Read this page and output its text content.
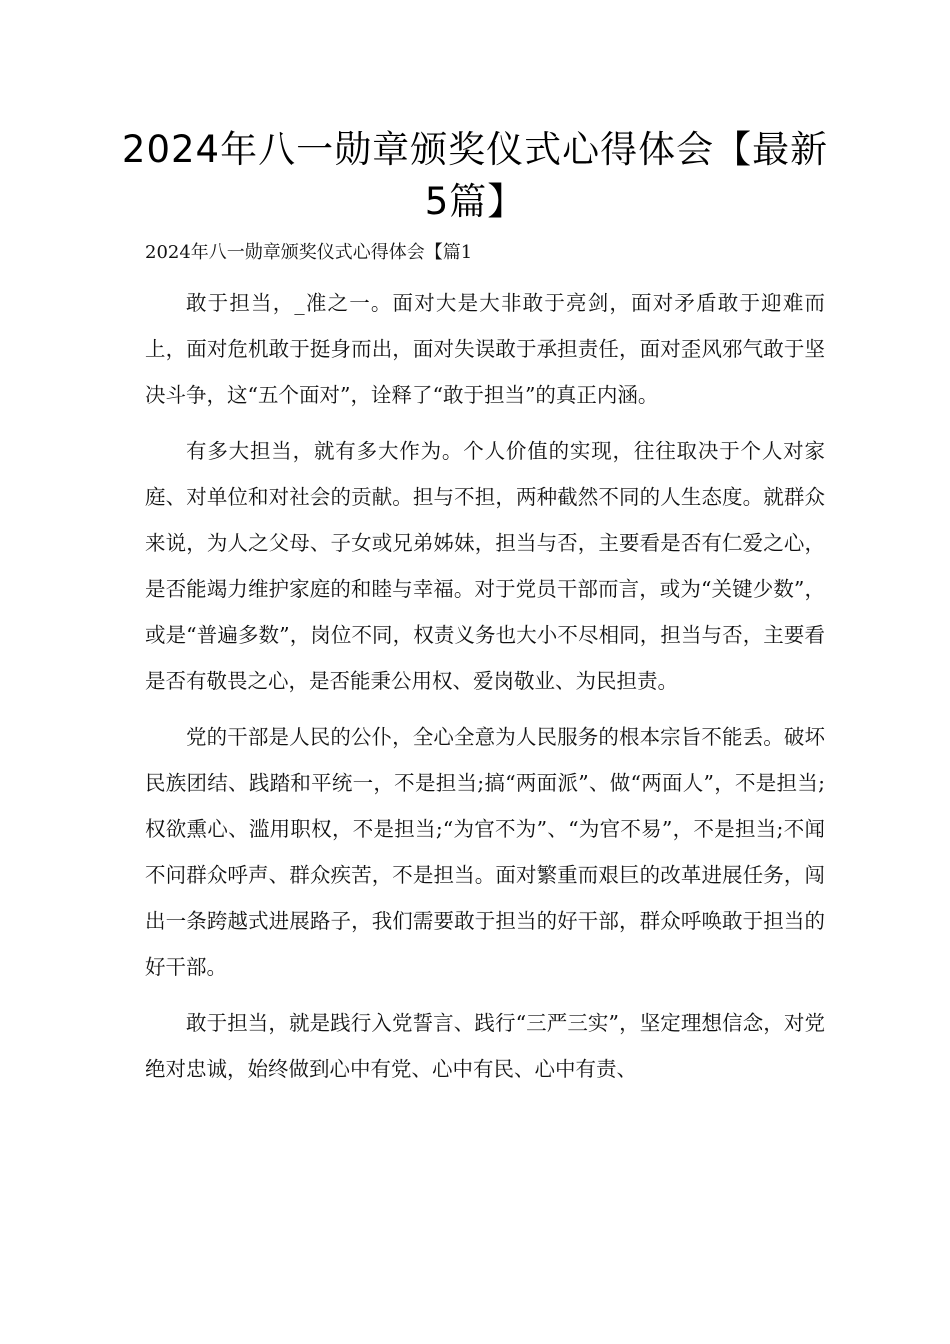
2024年八一勋章颁奖仪式心得体会【最新5篇】

2024年八一勋章颁奖仪式心得体会【篇1

敢于担当，_准之一。面对大是大非敢于亮剑，面对矛盾敢于迎难而上，面对危机敢于挺身而出，面对失误敢于承担责任，面对歪风邪气敢于坚决斗争，这“五个面对”，诠释了“敢于担当”的真正内涵。

有多大担当，就有多大作为。个人价值的实现，往往取决于个人对家庭、对单位和对社会的贡献。担与不担，两种截然不同的人生态度。就群众来说，为人之父母、子女或兄弟姊妹，担当与否，主要看是否有仁爱之心，是否能竭力维护家庭的和睦与幸福。对于党员干部而言，或为“关键少数”，或是“普遍多数”，岗位不同，权责义务也大小不尽相同，担当与否，主要看是否有敬畏之心，是否能秉公用权、爱岗敬业、为民担责。

党的干部是人民的公仆，全心全意为人民服务的根本宗旨不能丢。破坏民族团结、践踏和平统一，不是担当;搞“两面派”、做“两面人”，不是担当;权欲熏心、滥用职权，不是担当;“为官不为”、“为官不易”，不是担当;不闻不问群众呼声、群众疾苦，不是担当。面对繁重而艰巨的改革进展任务，闯出一条跨越式进展路子，我们需要敢于担当的好干部，群众呼唤敢于担当的好干部。

敢于担当，就是践行入党誓言、践行“三严三实”，坚定理想信念，对党绝对忠诚，始终做到心中有党、心中有民、心中有责、
